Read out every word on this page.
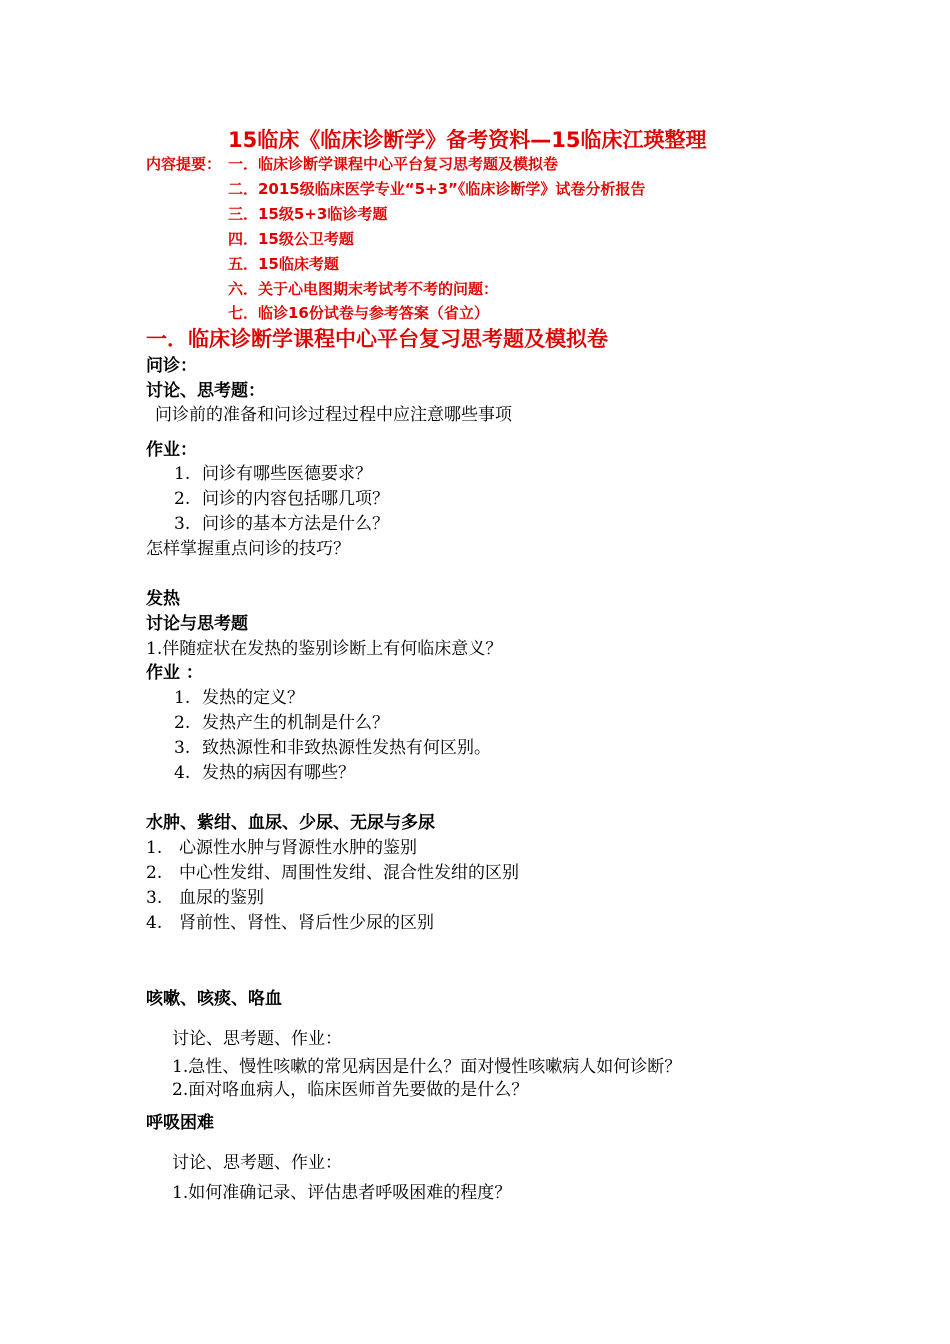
15临床《临床诊断学》备考资料—15临床江瑛整理
内容提要： 一．临床诊断学课程中心平台复习思考题及模拟卷
二．2015级临床医学专业“5+3”《临床诊断学》试卷分析报告
三．15级5+3临诊考题
四．15级公卫考题
五．15临床考题
六．关于心电图期末考试考不考的问题：
七．临诊16份试卷与参考答案（省立）
一．临床诊断学课程中心平台复习思考题及模拟卷
问诊：
讨论、思考题：
问诊前的准备和问诊过程过程中应注意哪些事项
作业：
1. 问诊有哪些医德要求？
2. 问诊的内容包括哪几项？
3. 问诊的基本方法是什么？
怎样掌握重点问诊的技巧？
发热
讨论与思考题
1.伴随症状在发热的鉴别诊断上有何临床意义？
作业 ：
1. 发热的定义？
2. 发热产生的机制是什么？
3. 致热源性和非致热源性发热有何区别。
4. 发热的病因有哪些？
水肿、紫绀、血尿、少尿、无尿与多尿
1. 心源性水肿与肾源性水肿的鉴别
2. 中心性发绀、周围性发绀、混合性发绀的区别
3. 血尿的鉴别
4. 肾前性、肾性、肾后性少尿的区别
咳嗽、咳痰、咯血
讨论、思考题、作业：
1.急性、慢性咳嗽的常见病因是什么？面对慢性咳嗽病人如何诊断？
2.面对咯血病人，临床医师首先要做的是什么？
呼吸困难
讨论、思考题、作业：
1.如何准确记录、评估患者呼吸困难的程度？
